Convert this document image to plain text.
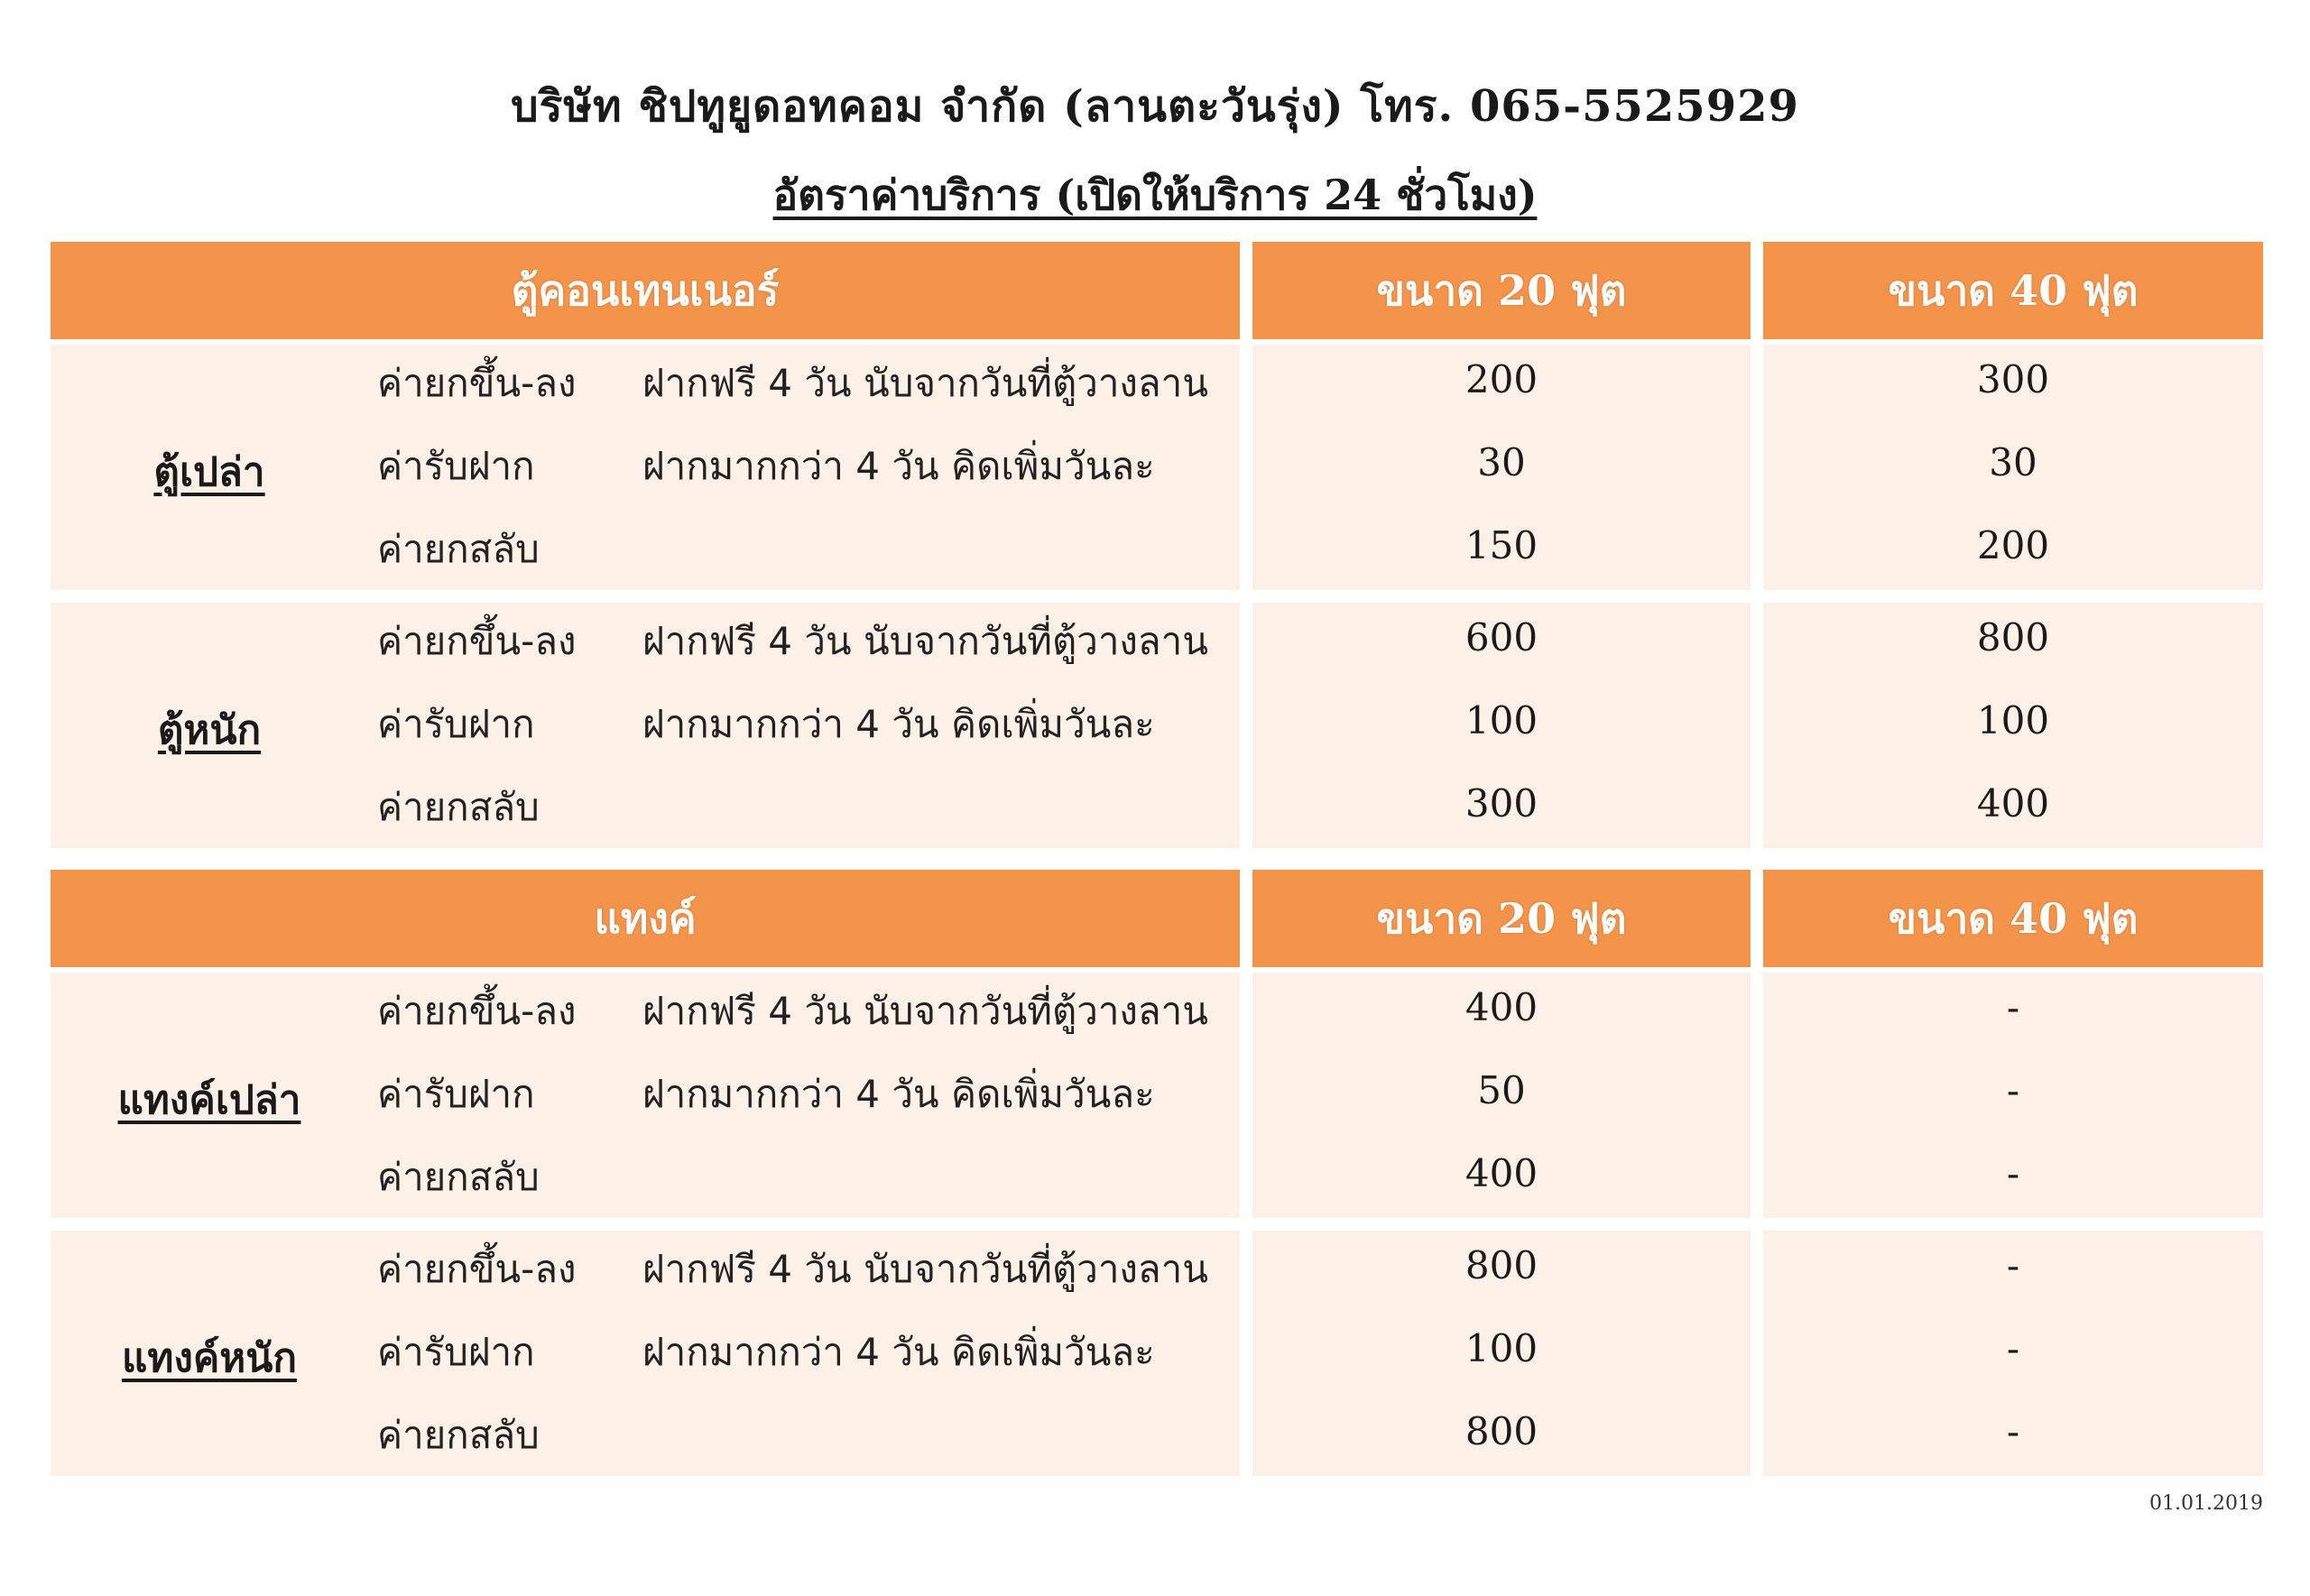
บริษัท ชิปทูยูดอทคอม จำกัด (ลานตะวันรุ่ง) โทร. 065-5525929
อัตราค่าบริการ (เปิดให้บริการ 24 ชั่วโมง)
ตู้คอนเทนเนอร์	ขนาด 20 ฟุต	ขนาด 40 ฟุต
ตู้เปล่า
ค่ายกขึ้น-ลง ฝากฟรี 4 วัน นับจากวันที่ตู้วางลาน	200	300
ค่ารับฝาก	ฝากมากกว่า 4 วัน คิดเพิ่มวันละ	30	30
ค่ายกสลับ	150	200
ตู้หนัก
ค่ายกขึ้น-ลง ฝากฟรี 4 วัน นับจากวันที่ตู้วางลาน	600	800
ค่ารับฝาก	ฝากมากกว่า 4 วัน คิดเพิ่มวันละ	100	100
ค่ายกสลับ	300	400
แทงค์	ขนาด 20 ฟุต	ขนาด 40 ฟุต
แทงค์เปล่า
ค่ายกขึ้น-ลง ฝากฟรี 4 วัน นับจากวันที่ตู้วางลาน	400	-
ค่ารับฝาก	ฝากมากกว่า 4 วัน คิดเพิ่มวันละ	50	-
ค่ายกสลับ	400	-
แทงค์หนัก
ค่ายกขึ้น-ลง ฝากฟรี 4 วัน นับจากวันที่ตู้วางลาน	800	-
ค่ารับฝาก	ฝากมากกว่า 4 วัน คิดเพิ่มวันละ	100	-
ค่ายกสลับ	800	-
01.01.2019
